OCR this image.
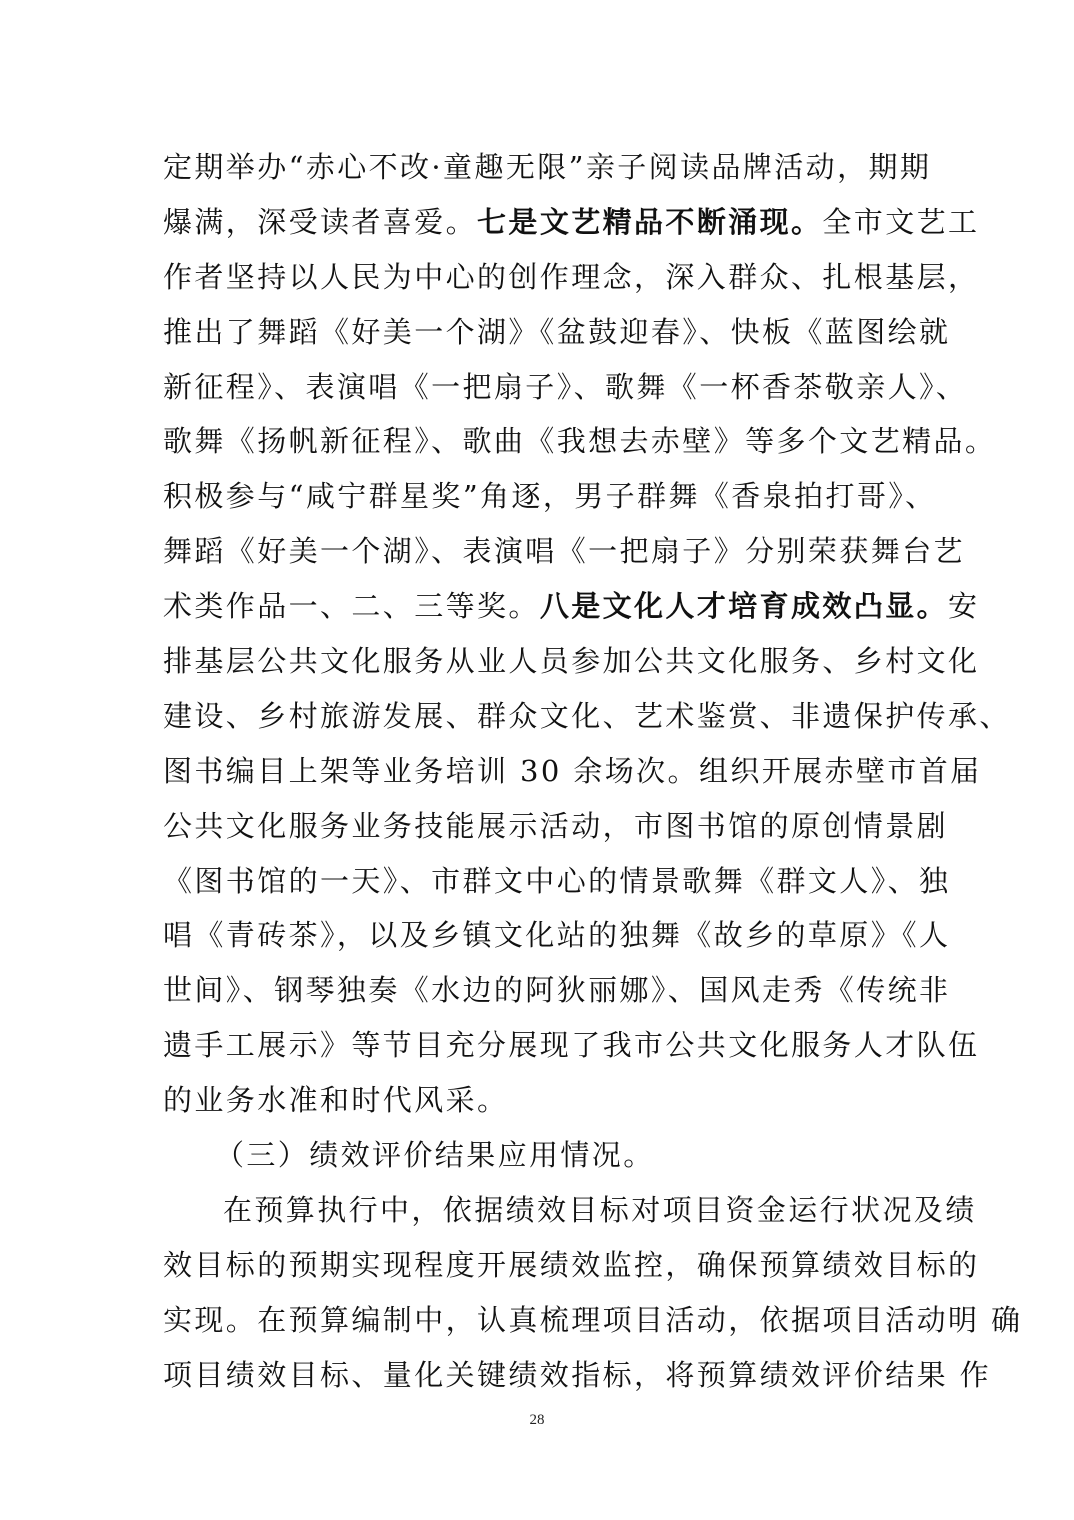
定期举办“赤心不改·童趣无限”亲子阅读品牌活动，期期
爆满，深受读者喜爱。七是文艺精品不断涌现。全市文艺工
作者坚持以人民为中心的创作理念，深入群众、扎根基层，
推出了舞蹈《好美一个湖》《盆鼓迎春》、快板《蓝图绘就
新征程》、表演唱《一把扇子》、歌舞《一杯香茶敬亲人》、
歌舞《扬帆新征程》、歌曲《我想去赤壁》等多个文艺精品。
积极参与“咸宁群星奖”角逐，男子群舞《香泉拍打哥》、
舞蹈《好美一个湖》、表演唱《一把扇子》分别荣获舞台艺
术类作品一、二、三等奖。八是文化人才培育成效凸显。安
排基层公共文化服务从业人员参加公共文化服务、乡村文化
建设、乡村旅游发展、群众文化、艺术鉴赏、非遗保护传承、
图书编目上架等业务培训 30 余场次。组织开展赤壁市首届
公共文化服务业务技能展示活动，市图书馆的原创情景剧
《图书馆的一天》、市群文中心的情景歌舞《群文人》、独
唱《青砖茶》，以及乡镇文化站的独舞《故乡的草原》《人
世间》、钢琴独奏《水边的阿狄丽娜》、国风走秀《传统非
遗手工展示》等节目充分展现了我市公共文化服务人才队伍
的业务水准和时代风采。
（三）绩效评价结果应用情况。
在预算执行中，依据绩效目标对项目资金运行状况及绩
效目标的预期实现程度开展绩效监控，确保预算绩效目标的
实现。在预算编制中，认真梳理项目活动，依据项目活动明 确
项目绩效目标、量化关键绩效指标，将预算绩效评价结果 作
28
